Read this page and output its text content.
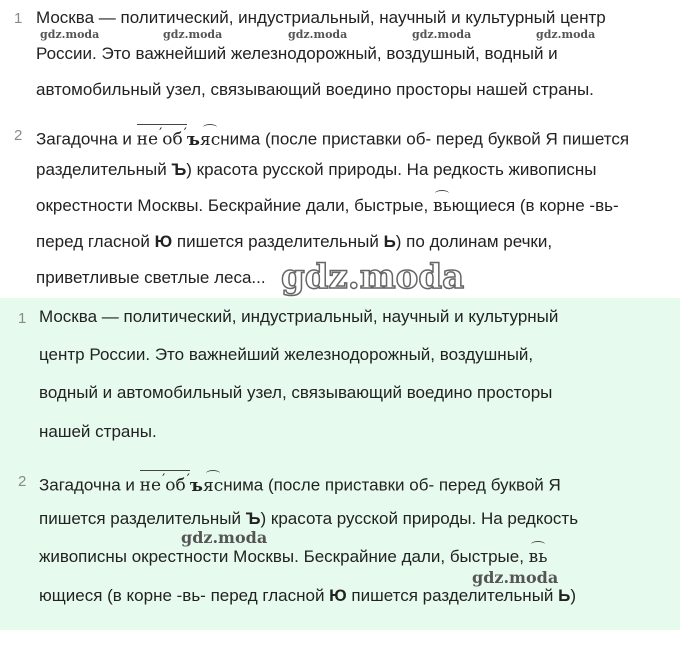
1 Москва — политический, индустриальный, научный и культурный центр
России. Это важнейший железнодорожный, воздушный, водный и
автомобильный узел, связывающий воедино просторы нашей страны.
2 Загадочна и не′об′ъ
яснима (после приставки об- перед буквой Я пишется
разделительный Ъ) красота русской природы. На редкость живописны
окрестности Москвы. Бескрайние дали, быстрые,
вьющиеся (в корне -вь-
перед гласной Ю пишется разделительный Ь) по долинам речки,
приветливые светлые леса...
1 Москва — политический, индустриальный, научный и культурный
центр России. Это важнейший железнодорожный, воздушный,
водный и автомобильный узел, связывающий воедино просторы
нашей страны.
2 Загадочна и не′об′ъ
яснима (после приставки об- перед буквой Я
пишется разделительный Ъ) красота русской природы. На редкость
живописны окрестности Москвы. Бескрайние дали, быстрые,
вь
ющиеся (в корне -вь- перед гласной Ю пишется разделительный Ь)
gdz.moda	gdz.moda	gdz.moda	gdz.moda	gdz.moda
gdz.moda
gdz.moda
gdz.moda
